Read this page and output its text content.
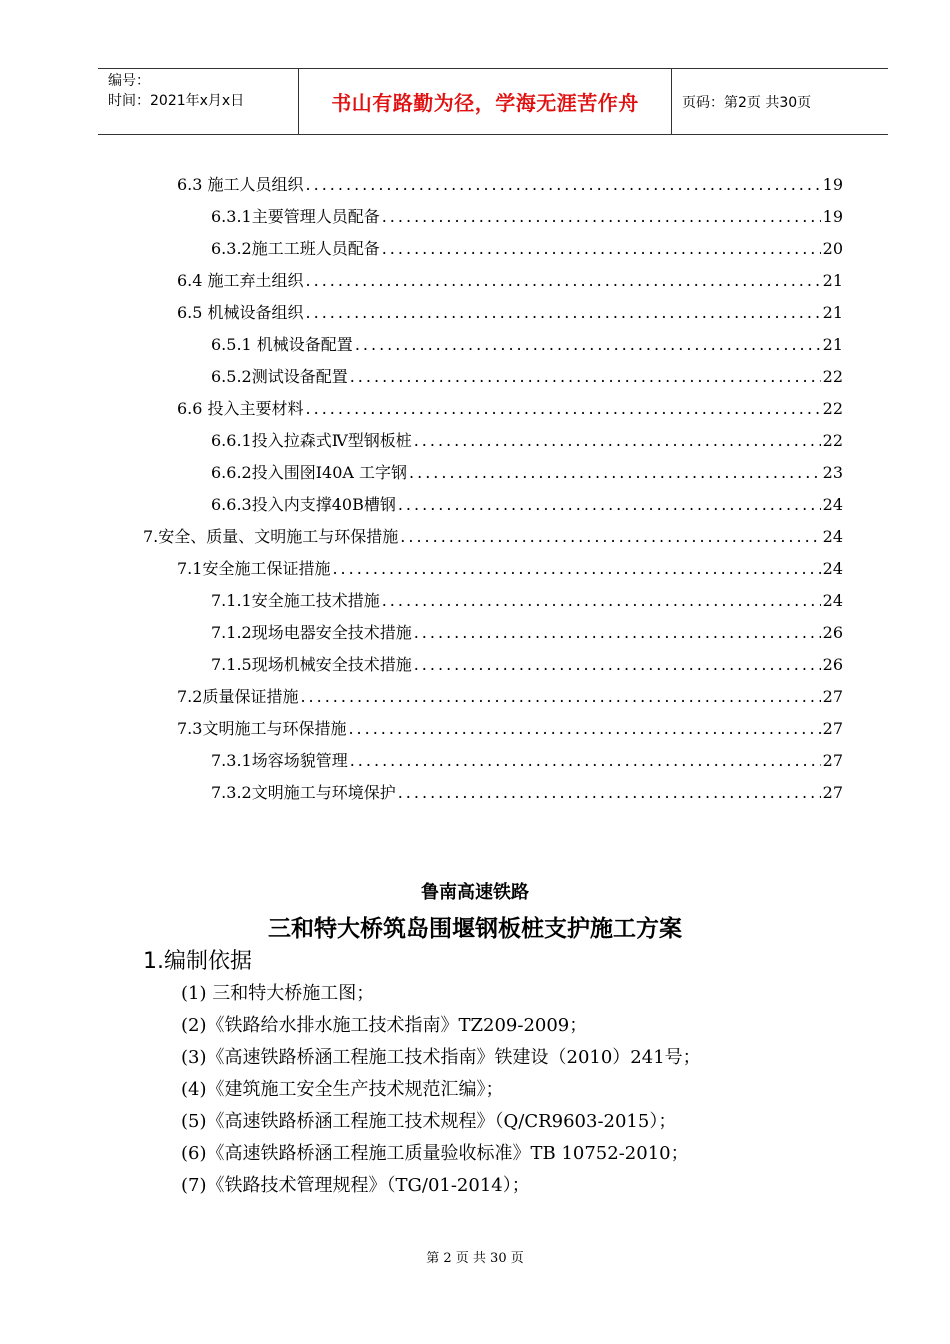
编号：
时间：2021年x月x日	书山有路勤为径，学海无涯苦作舟	页码：第2页 共30页
6.3 施工人员组织 .....	19
6.3.1主要管理人员配备 .....	19
6.3.2施工工班人员配备 .....	20
6.4 施工弃土组织 .....	21
6.5 机械设备组织 .....	21
6.5.1 机械设备配置 .....	21
6.5.2测试设备配置 .....	22
6.6 投入主要材料 .....	22
6.6.1投入拉森式Ⅳ型钢板桩 .....	22
6.6.2投入围囹I40A 工字钢 .....	23
6.6.3投入内支撑40B槽钢 .....	24
7.安全、质量、文明施工与环保措施 .....	24
7.1安全施工保证措施 .....	24
7.1.1安全施工技术措施 .....	24
7.1.2现场电器安全技术措施 .....	26
7.1.5现场机械安全技术措施 .....	26
7.2质量保证措施 .....	27
7.3文明施工与环保措施 .....	27
7.3.1场容场貌管理 .....	27
7.3.2文明施工与环境保护 .....	27
鲁南高速铁路
三和特大桥筑岛围堰钢板桩支护施工方案
1.编制依据
(1) 三和特大桥施工图；
(2)《铁路给水排水施工技术指南》TZ209-2009；
(3)《高速铁路桥涵工程施工技术指南》铁建设（2010）241号；
(4)《建筑施工安全生产技术规范汇编》；
(5)《高速铁路桥涵工程施工技术规程》（Q/CR9603-2015）；
(6)《高速铁路桥涵工程施工质量验收标准》TB 10752-2010；
(7)《铁路技术管理规程》（TG/01-2014）；
第 2 页 共 30 页
